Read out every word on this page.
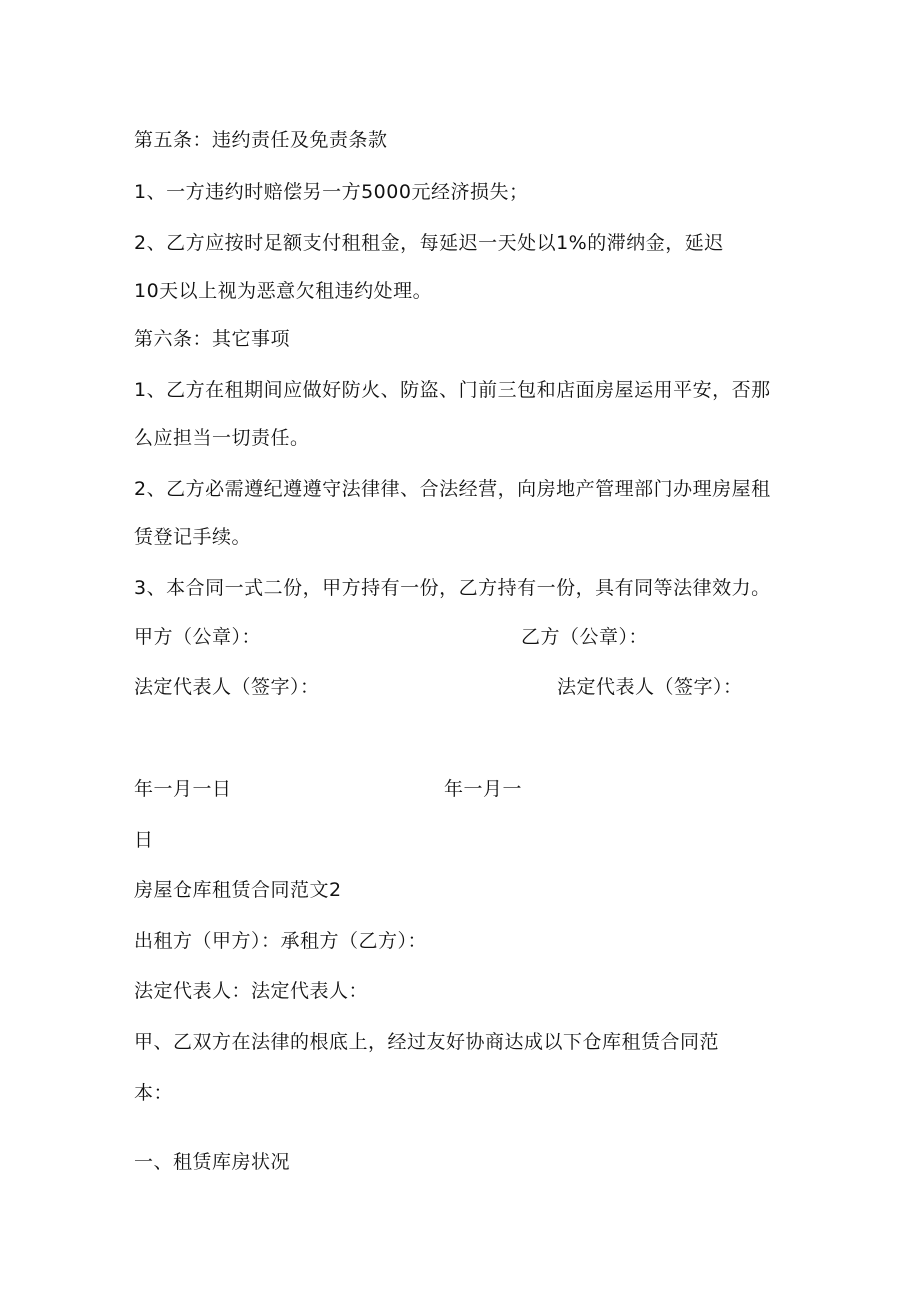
第五条：违约责任及免责条款
1、一方违约时赔偿另一方5000元经济损失；
2、乙方应按时足额支付租租金，每延迟一天处以1%的滞纳金，延迟
10天以上视为恶意欠租违约处理。
第六条：其它事项
1、乙方在租期间应做好防火、防盗、门前三包和店面房屋运用平安，否那
么应担当一切责任。
2、乙方必需遵纪遵遵守法律律、合法经营，向房地产管理部门办理房屋租
赁登记手续。
3、本合同一式二份，甲方持有一份，乙方持有一份，具有同等法律效力。
甲方（公章）：	乙方（公章）：
法定代表人（签字）：	法定代表人（签字）：
年一月一日	年一月一
日
房屋仓库租赁合同范文2
出租方（甲方）：承租方（乙方）：
法定代表人：法定代表人：
甲、乙双方在法律的根底上，经过友好协商达成以下仓库租赁合同范
本：
一、租赁库房状况
